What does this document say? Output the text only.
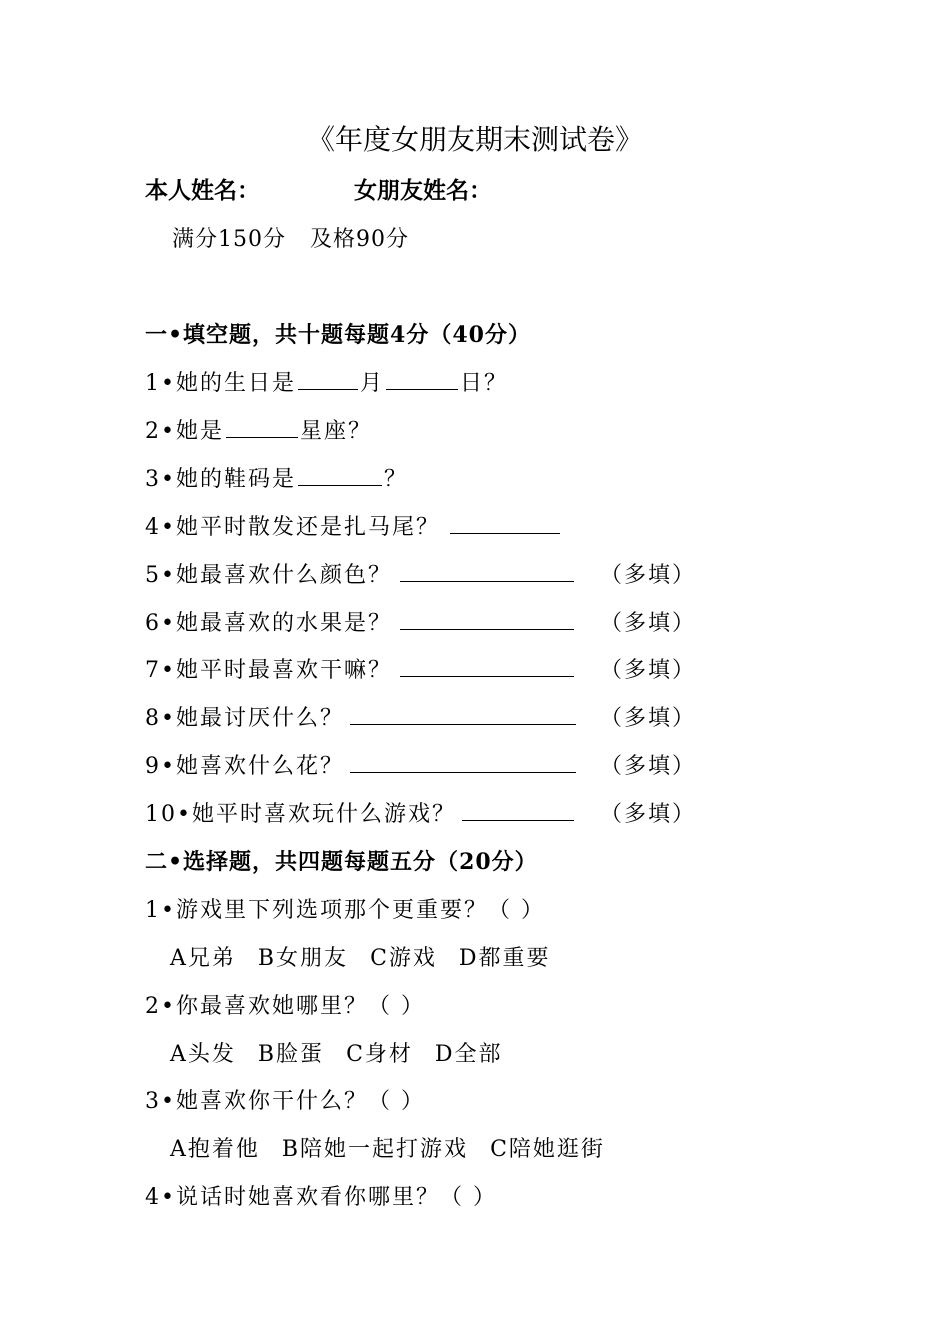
《年度女朋友期末测试卷》
本人姓名：	女朋友姓名：
满分150分 及格90分
一•填空题，共十题每题4分（40分）
1•她的生日是	月	日？
2•她是	星座？
3•她的鞋码是	？
4•她平时散发还是扎马尾？
5•她最喜欢什么颜色？	（多填）
6•她最喜欢的水果是？	（多填）
7•她平时最喜欢干嘛？	（多填）
8•她最讨厌什么？	（多填）
9•她喜欢什么花？	（多填）
10•她平时喜欢玩什么游戏？	（多填）
二•选择题，共四题每题五分（20分）
1•游戏里下列选项那个更重要？（ ）
A兄弟 B女朋友 C游戏 D都重要
2•你最喜欢她哪里？（ ）
A头发 B脸蛋 C身材 D全部
3•她喜欢你干什么？（ ）
A抱着他 B陪她一起打游戏 C陪她逛街
4•说话时她喜欢看你哪里？（ ）
